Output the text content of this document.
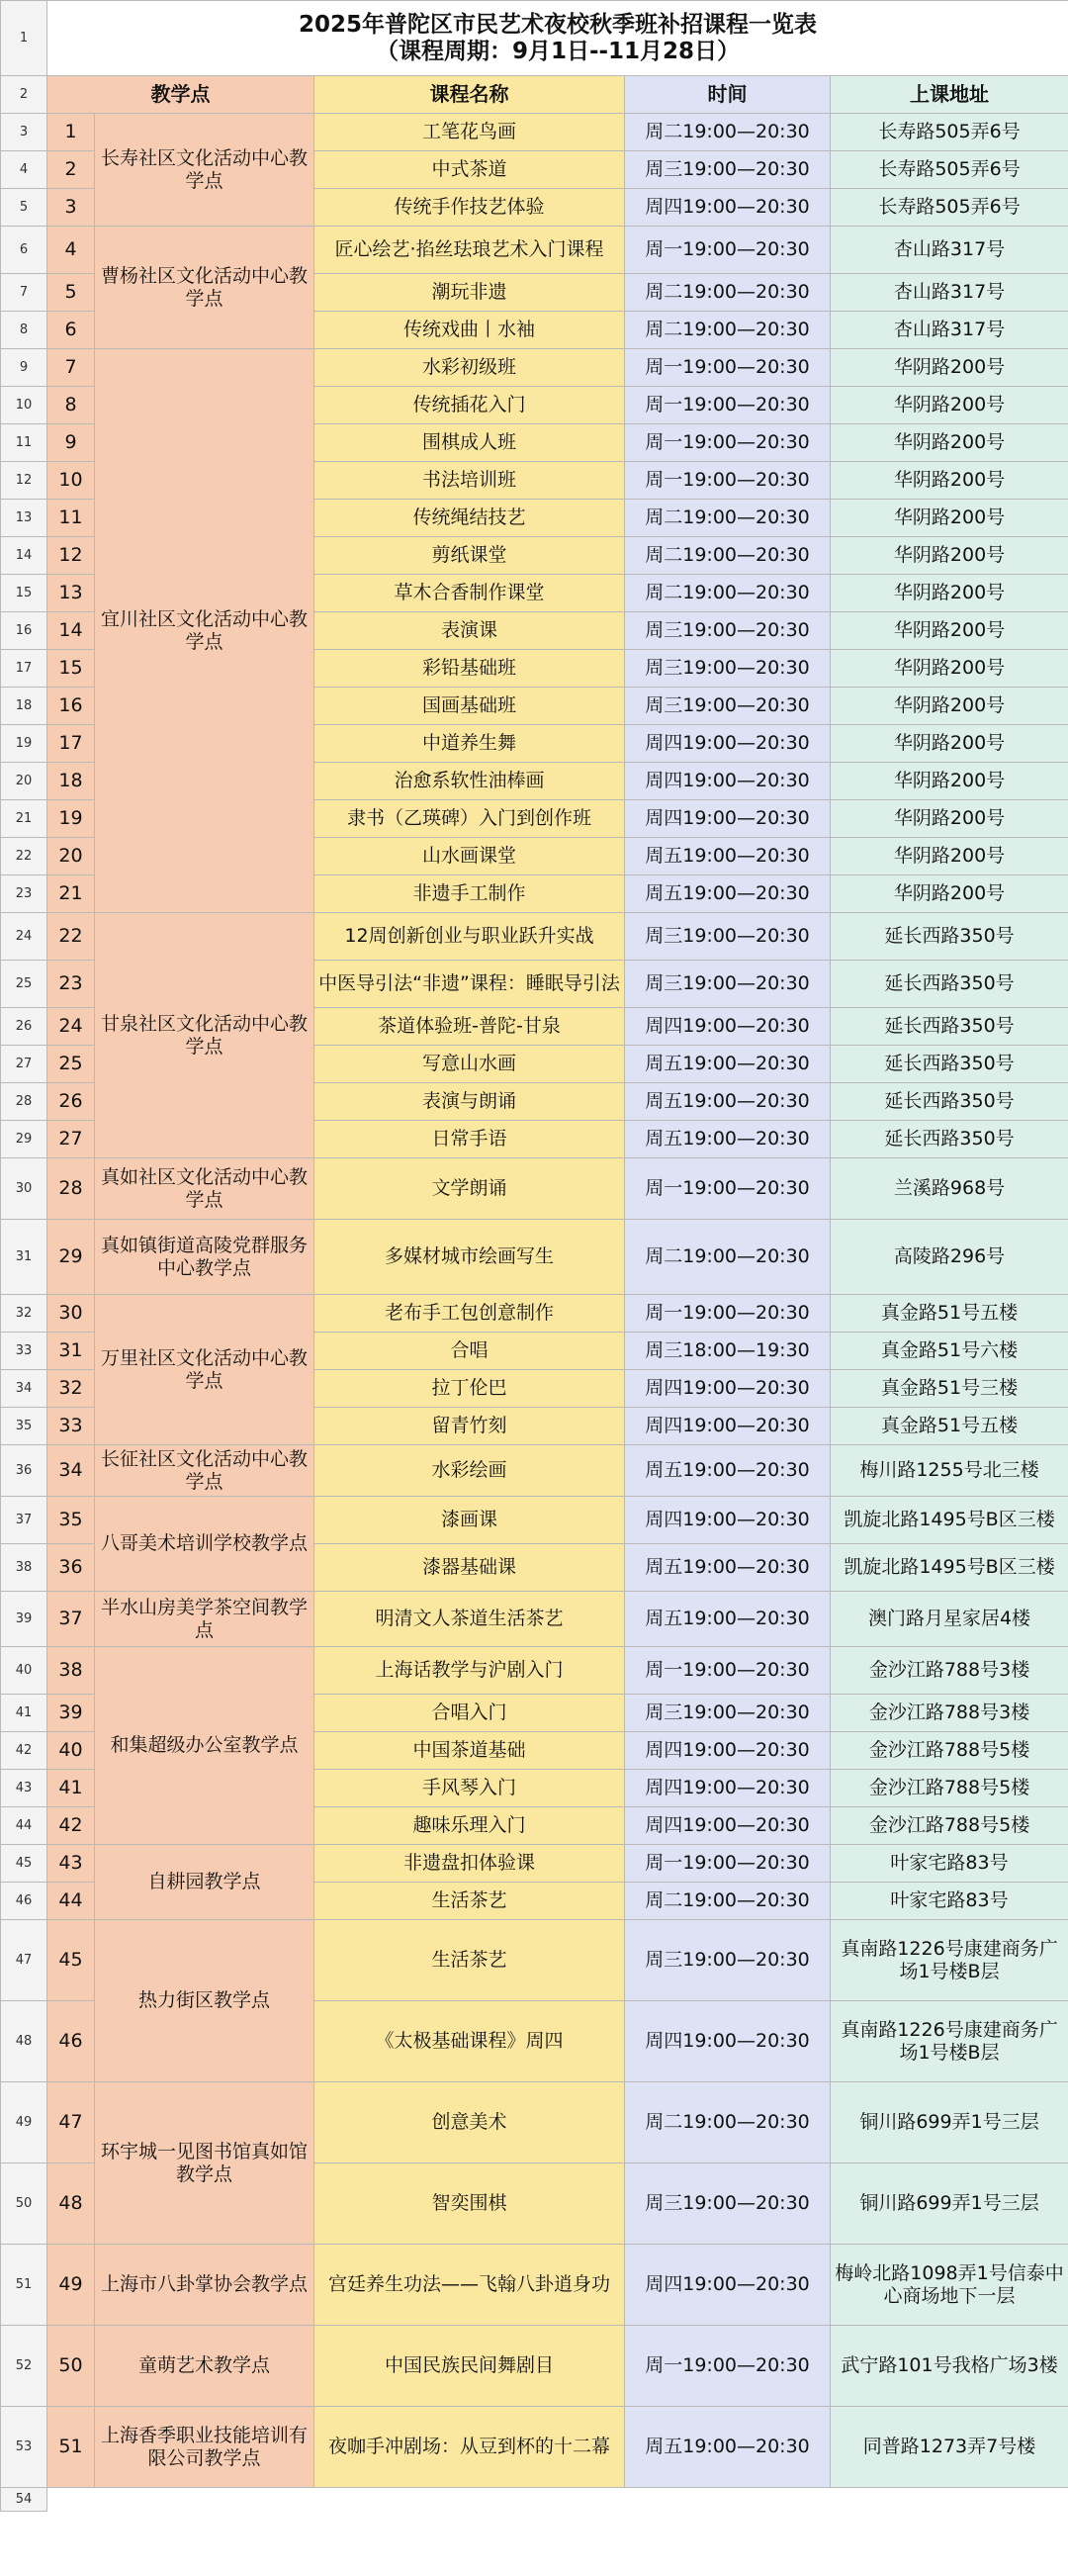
1	2025年普陀区市民艺术夜校秋季班补招课程一览表
（课程周期：9月1日--11月28日）				

2	教学点		课程名称	时间	上课地址
3	1	长寿社区文化活动中心教学点	工笔花鸟画	周二19:00—20:30	长寿路505弄6号
4	2		中式茶道	周三19:00—20:30	长寿路505弄6号
5	3		传统手作技艺体验	周四19:00—20:30	长寿路505弄6号
6	4	曹杨社区文化活动中心教学点	匠心绘艺·掐丝珐琅艺术入门课程	周一19:00—20:30	杏山路317号
7	5		潮玩非遗	周二19:00—20:30	杏山路317号
8	6		传统戏曲丨水袖	周二19:00—20:30	杏山路317号
9	7	宜川社区文化活动中心教学点	水彩初级班	周一19:00—20:30	华阴路200号
10	8		传统插花入门	周一19:00—20:30	华阴路200号
11	9		围棋成人班	周一19:00—20:30	华阴路200号
12	10		书法培训班	周一19:00—20:30	华阴路200号
13	11		传统绳结技艺	周二19:00—20:30	华阴路200号
14	12		剪纸课堂	周二19:00—20:30	华阴路200号
15	13		草木合香制作课堂	周二19:00—20:30	华阴路200号
16	14		表演课	周三19:00—20:30	华阴路200号
17	15		彩铅基础班	周三19:00—20:30	华阴路200号
18	16		国画基础班	周三19:00—20:30	华阴路200号
19	17		中道养生舞	周四19:00—20:30	华阴路200号
20	18		治愈系软性油棒画	周四19:00—20:30	华阴路200号
21	19		隶书（乙瑛碑）入门到创作班	周四19:00—20:30	华阴路200号
22	20		山水画课堂	周五19:00—20:30	华阴路200号
23	21		非遗手工制作	周五19:00—20:30	华阴路200号
24	22	甘泉社区文化活动中心教学点	12周创新创业与职业跃升实战	周三19:00—20:30	延长西路350号
25	23		中医导引法“非遗”课程：睡眠导引法	周三19:00—20:30	延长西路350号
26	24		茶道体验班-普陀-甘泉	周四19:00—20:30	延长西路350号
27	25		写意山水画	周五19:00—20:30	延长西路350号
28	26		表演与朗诵	周五19:00—20:30	延长西路350号
29	27		日常手语	周五19:00—20:30	延长西路350号
30	28	真如社区文化活动中心教学点	文学朗诵	周一19:00—20:30	兰溪路968号
31	29	真如镇街道高陵党群服务中心教学点	多媒材城市绘画写生	周二19:00—20:30	高陵路296号
32	30	万里社区文化活动中心教学点	老布手工包创意制作	周一19:00—20:30	真金路51号五楼
33	31		合唱	周三18:00—19:30	真金路51号六楼
34	32		拉丁伦巴	周四19:00—20:30	真金路51号三楼
35	33		留青竹刻	周四19:00—20:30	真金路51号五楼
36	34	长征社区文化活动中心教学点	水彩绘画	周五19:00—20:30	梅川路1255号北三楼
37	35	八哥美术培训学校教学点	漆画课	周四19:00—20:30	凯旋北路1495号B区三楼
38	36		漆器基础课	周五19:00—20:30	凯旋北路1495号B区三楼
39	37	半水山房美学茶空间教学点	明清文人茶道生活茶艺	周五19:00—20:30	澳门路月星家居4楼
40	38	和集超级办公室教学点	上海话教学与沪剧入门	周一19:00—20:30	金沙江路788号3楼
41	39		合唱入门	周三19:00—20:30	金沙江路788号3楼
42	40		中国茶道基础	周四19:00—20:30	金沙江路788号5楼
43	41		手风琴入门	周四19:00—20:30	金沙江路788号5楼
44	42		趣味乐理入门	周四19:00—20:30	金沙江路788号5楼
45	43	自耕园教学点	非遗盘扣体验课	周一19:00—20:30	叶家宅路83号
46	44		生活茶艺	周二19:00—20:30	叶家宅路83号
47	45	热力街区教学点	生活茶艺	周三19:00—20:30	真南路1226号康建商务广场1号楼B层
48	46		《太极基础课程》周四	周四19:00—20:30	真南路1226号康建商务广场1号楼B层
49	47	环宇城一见图书馆真如馆教学点	创意美术	周二19:00—20:30	铜川路699弄1号三层
50	48		智奕围棋	周三19:00—20:30	铜川路699弄1号三层
51	49	上海市八卦掌协会教学点	宫廷养生功法——飞翰八卦逍身功	周四19:00—20:30	梅岭北路1098弄1号信泰中心商场地下一层
52	50	童萌艺术教学点	中国民族民间舞剧目	周一19:00—20:30	武宁路101号我格广场3楼
53	51	上海香季职业技能培训有限公司教学点	夜咖手冲剧场：从豆到杯的十二幕	周五19:00—20:30	同普路1273弄7号楼
54					
